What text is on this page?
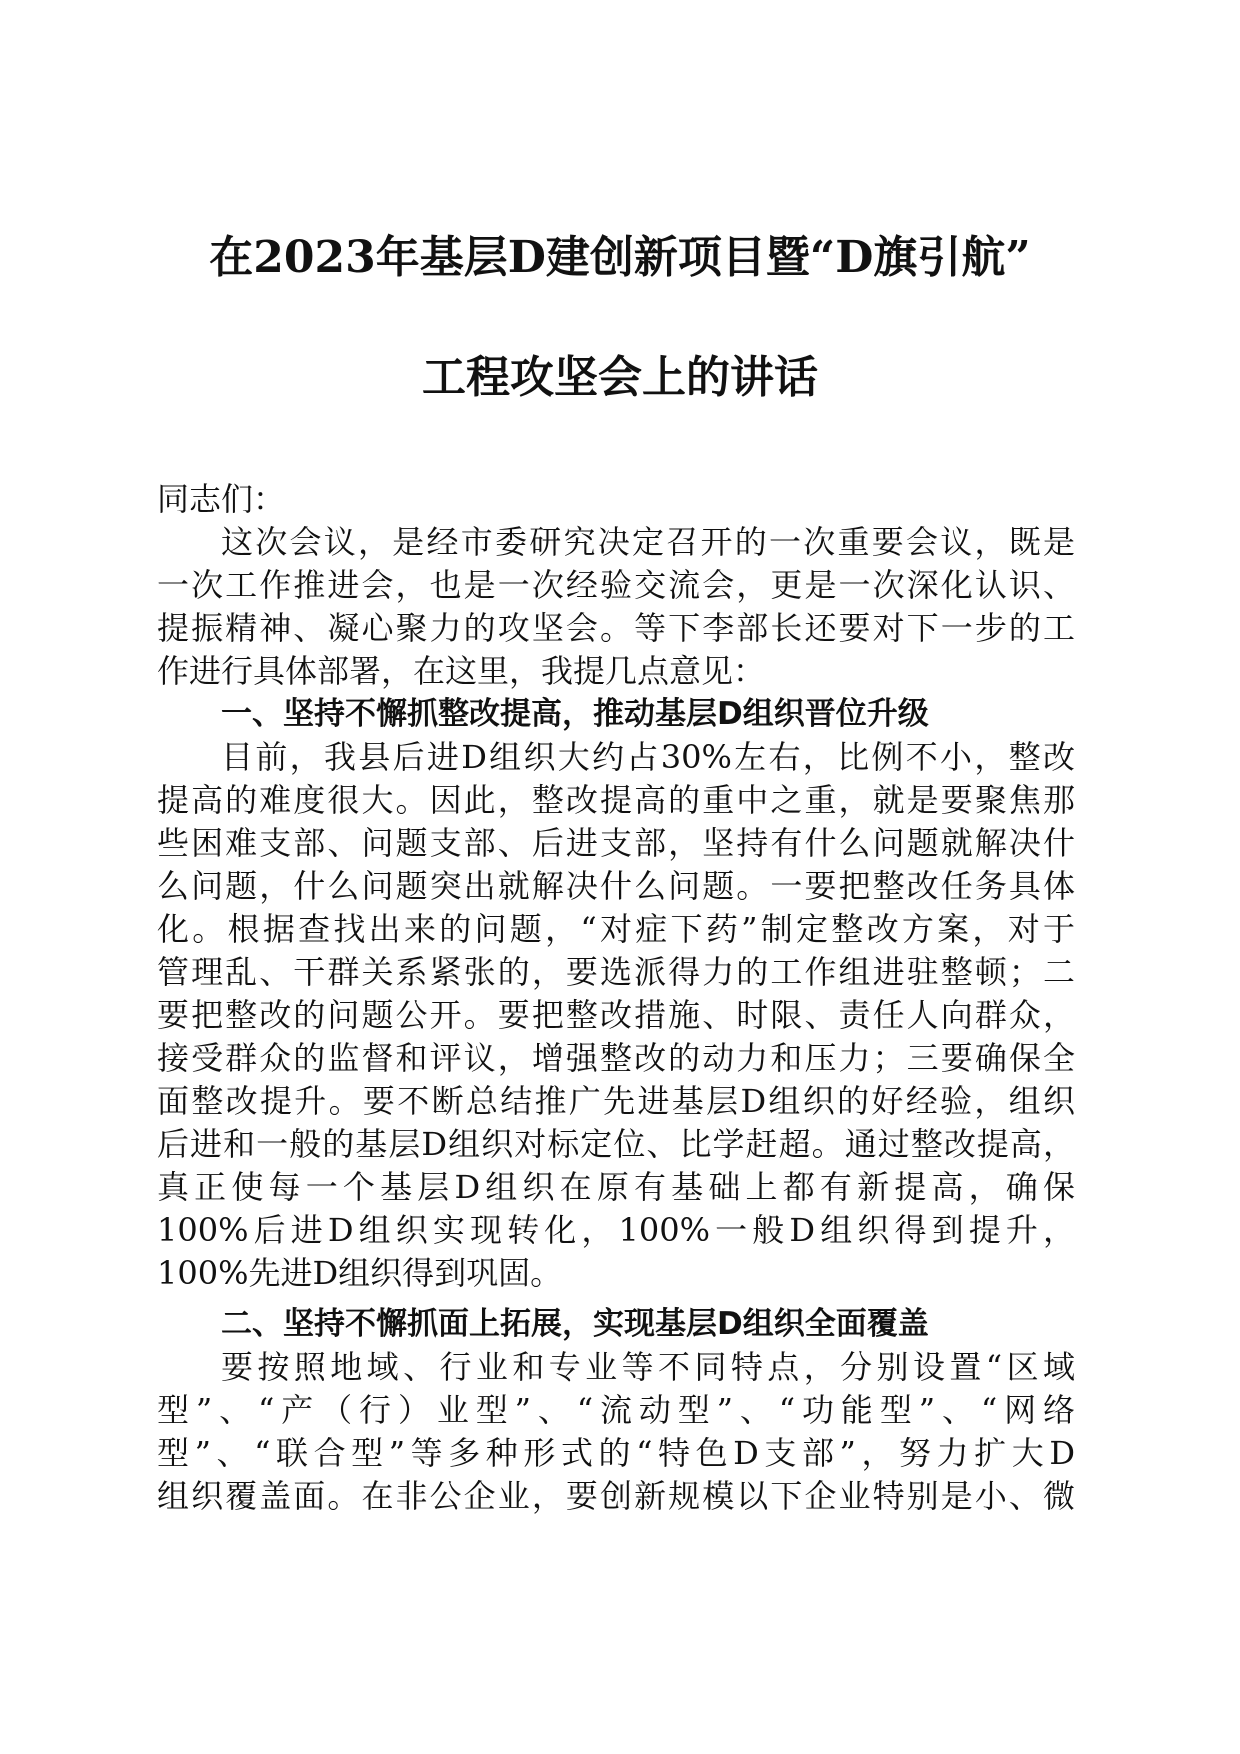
在2023年基层D建创新项目暨“D旗引航”
工程攻坚会上的讲话
同志们：
这次会议，是经市委研究决定召开的一次重要会议，既是
一次工作推进会，也是一次经验交流会，更是一次深化认识、
提振精神、凝心聚力的攻坚会。等下李部长还要对下一步的工
作进行具体部署，在这里，我提几点意见：
一、坚持不懈抓整改提高，推动基层D组织晋位升级
目前，我县后进D组织大约占30%左右，比例不小，整改
提高的难度很大。因此，整改提高的重中之重，就是要聚焦那
些困难支部、问题支部、后进支部，坚持有什么问题就解决什
么问题，什么问题突出就解决什么问题。一要把整改任务具体
化。根据查找出来的问题，“对症下药”制定整改方案，对于
管理乱、干群关系紧张的，要选派得力的工作组进驻整顿；二
要把整改的问题公开。要把整改措施、时限、责任人向群众，
接受群众的监督和评议，增强整改的动力和压力；三要确保全
面整改提升。要不断总结推广先进基层D组织的好经验，组织
后进和一般的基层D组织对标定位、比学赶超。通过整改提高，
真正使每一个基层D组织在原有基础上都有新提高，确保
100%后进D组织实现转化，100%一般D组织得到提升，
100%先进D组织得到巩固。
二、坚持不懈抓面上拓展，实现基层D组织全面覆盖
要按照地域、行业和专业等不同特点，分别设置“区域
型”、“产（行）业型”、“流动型”、“功能型”、“网络
型”、“联合型”等多种形式的“特色D支部”，努力扩大D
组织覆盖面。在非公企业，要创新规模以下企业特别是小、微
